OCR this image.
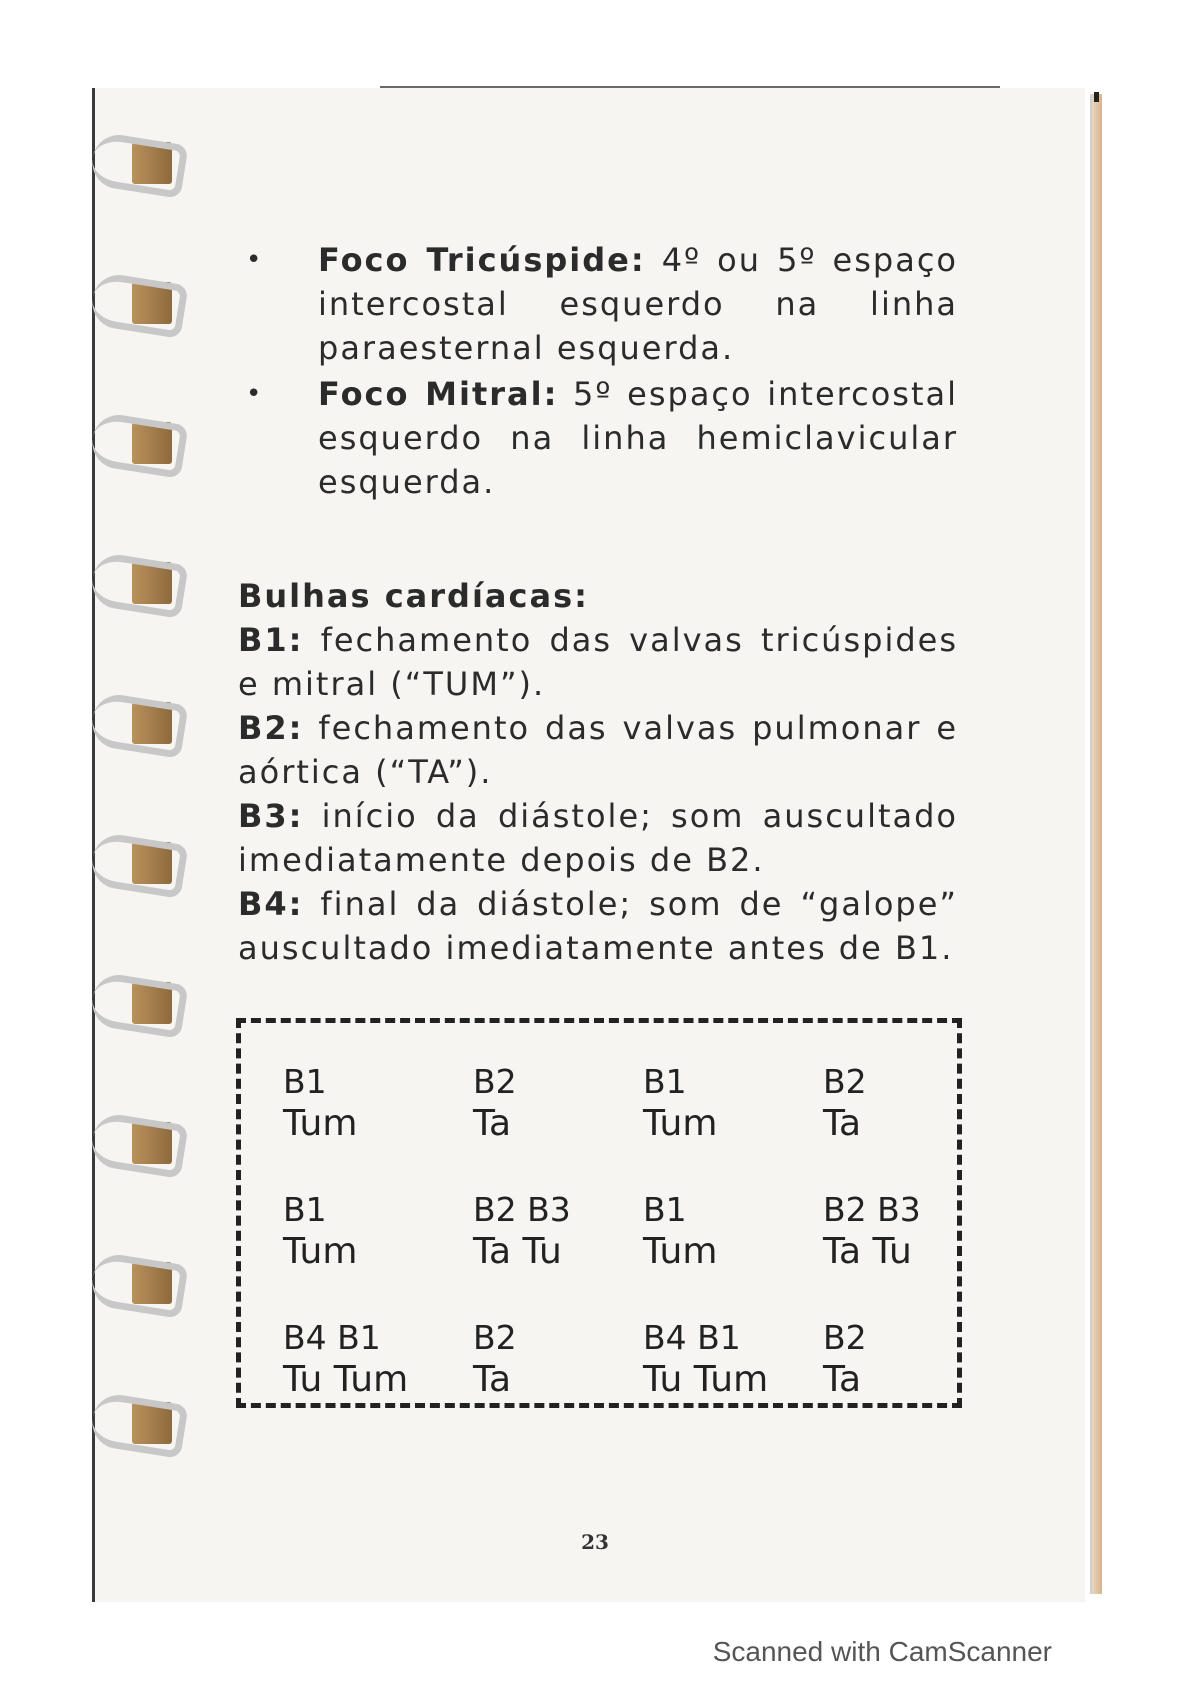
• Foco Tricúspide: 4º ou 5º espaço intercostal esquerdo na linha paraesternal esquerda.
• Foco Mitral: 5º espaço intercostal esquerdo na linha hemiclavicular esquerda.
Bulhas cardíacas:
B1: fechamento das valvas tricúspides e mitral (“TUM”).
B2: fechamento das valvas pulmonar e aórtica (“TA”).
B3: início da diástole; som auscultado imediatamente depois de B2.
B4: final da diástole; som de “galope” auscultado imediatamente antes de B1.
B1
Tum
B2
Ta
B1
Tum
B2
Ta
B1
Tum
B2 B3
Ta Tu
B1
Tum
B2 B3
Ta Tu
B4 B1
Tu Tum
B2
Ta
B4 B1
Tu Tum
B2
Ta
23
Scanned with CamScanner
